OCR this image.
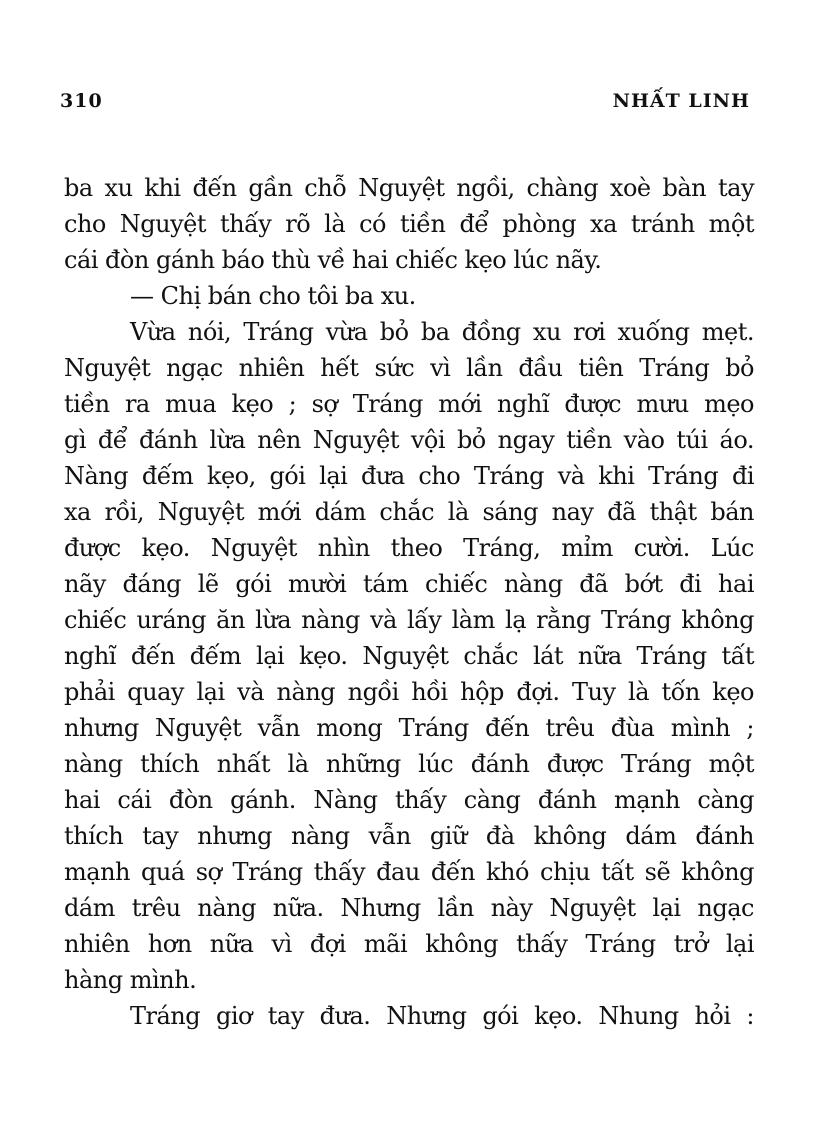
310	NHẤT LINH
ba xu khi đến gần chỗ Nguyệt ngồi, chàng xoè bàn tay
cho Nguyệt thấy rõ là có tiền để phòng xa tránh một
cái đòn gánh báo thù về hai chiếc kẹo lúc nãy.
— Chị bán cho tôi ba xu.
Vừa nói, Tráng vừa bỏ ba đồng xu rơi xuống mẹt.
Nguyệt ngạc nhiên hết sức vì lần đầu tiên Tráng bỏ
tiền ra mua kẹo ; sợ Tráng mới nghĩ được mưu mẹo
gì để đánh lừa nên Nguyệt vội bỏ ngay tiền vào túi áo.
Nàng đếm kẹo, gói lại đưa cho Tráng và khi Tráng đi
xa rồi, Nguyệt mới dám chắc là sáng nay đã thật bán
được kẹo. Nguyệt nhìn theo Tráng, mỉm cười. Lúc
nãy đáng lẽ gói mười tám chiếc nàng đã bớt đi hai
chiếc uráng ăn lừa nàng và lấy làm lạ rằng Tráng không
nghĩ đến đếm lại kẹo. Nguyệt chắc lát nữa Tráng tất
phải quay lại và nàng ngồi hồi hộp đợi. Tuy là tốn kẹo
nhưng Nguyệt vẫn mong Tráng đến trêu đùa mình ;
nàng thích nhất là những lúc đánh được Tráng một
hai cái đòn gánh. Nàng thấy càng đánh mạnh càng
thích tay nhưng nàng vẫn giữ đà không dám đánh
mạnh quá sợ Tráng thấy đau đến khó chịu tất sẽ không
dám trêu nàng nữa. Nhưng lần này Nguyệt lại ngạc
nhiên hơn nữa vì đợi mãi không thấy Tráng trở lại
hàng mình.
Tráng giơ tay đưa. Nhưng gói kẹo. Nhung hỏi :
